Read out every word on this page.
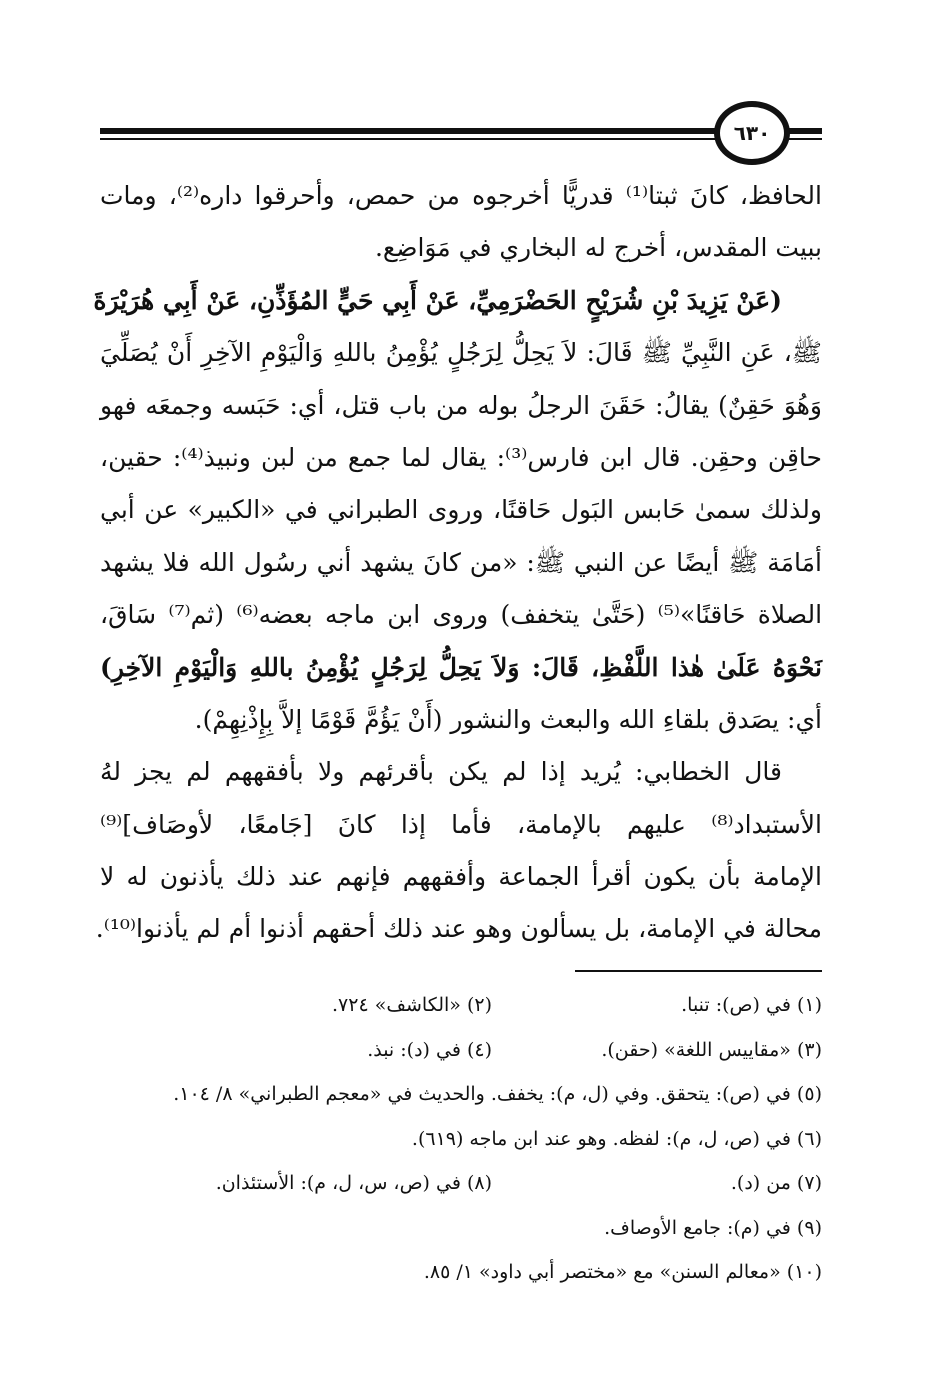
٦٣٠
الحافظ، كانَ ثبتا⁽¹⁾ قدريًّا أخرجوه من حمص، وأحرقوا داره⁽²⁾، ومات
ببيت المقدس، أخرج له البخاري في مَوَاضِع.
(عَنْ يَزِيدَ بْنِ شُرَيْحٍ الحَضْرَمِيِّ، عَنْ أَبِي حَيٍّ المُؤَذِّنِ، عَنْ أَبِي هُرَيْرَةَ
ﷺ، عَنِ النَّبِيِّ ﷺ قَالَ: لاَ يَحِلُّ لِرَجُلٍ يُؤْمِنُ باللهِ وَالْيَوْمِ الآخِرِ أَنْ يُصَلِّيَ
وَهُوَ حَقِنٌ) يقالُ: حَقَنَ الرجلُ بوله من باب قتل، أي: حَبَسه وجمعَه فهو
حاقِن وحقِن. قال ابن فارس⁽³⁾: يقال لما جمع من لبن ونبيذ⁽⁴⁾: حقين،
ولذلك سمىٰ حَابس البَول حَاقنًا، وروى الطبراني في «الكبير» عن أبي
أمَامَة ﷺ أيضًا عن النبي ﷺ: «من كانَ يشهد أني رسُول الله فلا يشهد
الصلاة حَاقنًا»⁽⁵⁾ (حَتَّىٰ يتخفف) وروى ابن ماجه بعضه⁽⁶⁾ (ثم⁽⁷⁾ سَاقَ،
نَحْوَهُ عَلَىٰ هٰذا اللَّفْظِ، قَالَ: وَلاَ يَحِلُّ لِرَجُلٍ يُؤْمِنُ باللهِ وَالْيَوْمِ الآخِرِ)
أي: يصَدق بلقاءِ الله والبعث والنشور (أَنْ يَؤُمَّ قَوْمًا إلاَّ بِإِذْنِهِمْ).
قال الخطابي: يُريد إذا لم يكن بأقرئهم ولا بأفقههم لم يجز لهُ
الأستبداد⁽⁸⁾ عليهم بالإمامة، فأما إذا كانَ [جَامعًا، لأوصَاف]⁽⁹⁾
الإمامة بأن يكون أقرأ الجماعة وأفقههم فإنهم عند ذلك يأذنون له لا
محالة في الإمامة، بل يسألون وهو عند ذلك أحقهم أذنوا أم لم يأذنوا⁽¹⁰⁾.
(١) في (ص): تنبا.
(٢) «الكاشف» ٧٢٤.
(٣) «مقاييس اللغة» (حقن).
(٤) في (د): نبذ.
(٥) في (ص): يتحقق. وفي (ل، م): يخفف. والحديث في «معجم الطبراني» ٨/ ١٠٤.
(٦) في (ص، ل، م): لفظه. وهو عند ابن ماجه (٦١٩).
(٧) من (د).
(٨) في (ص، س، ل، م): الأستئذان.
(٩) في (م): جامع الأوصاف.
(١٠) «معالم السنن» مع «مختصر أبي داود» ١/ ٨٥.
